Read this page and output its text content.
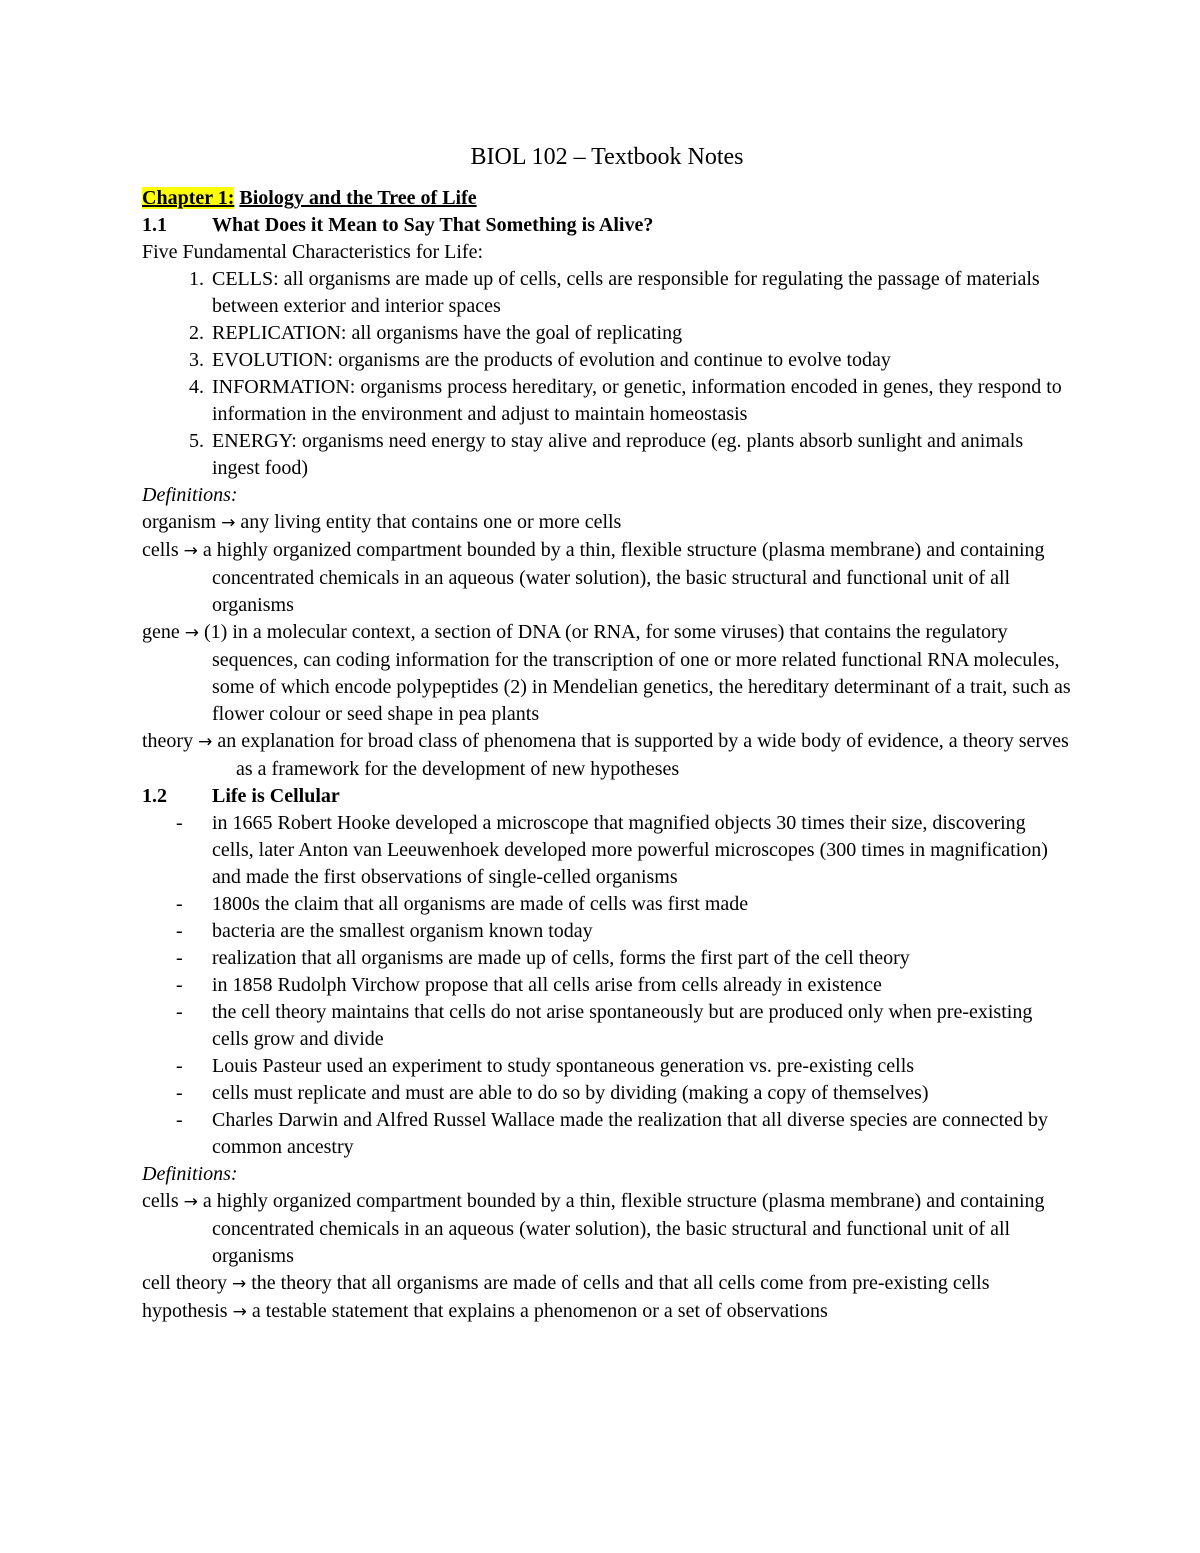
BIOL 102 – Textbook Notes
Chapter 1: Biology and the Tree of Life
1.1	What Does it Mean to Say That Something is Alive?
Five Fundamental Characteristics for Life:
1. CELLS: all organisms are made up of cells, cells are responsible for regulating the passage of materials between exterior and interior spaces
2. REPLICATION: all organisms have the goal of replicating
3. EVOLUTION: organisms are the products of evolution and continue to evolve today
4. INFORMATION: organisms process hereditary, or genetic, information encoded in genes, they respond to information in the environment and adjust to maintain homeostasis
5. ENERGY: organisms need energy to stay alive and reproduce (eg. plants absorb sunlight and animals ingest food)
Definitions:
organism → any living entity that contains one or more cells
cells → a highly organized compartment bounded by a thin, flexible structure (plasma membrane) and containing concentrated chemicals in an aqueous (water solution), the basic structural and functional unit of all organisms
gene → (1) in a molecular context, a section of DNA (or RNA, for some viruses) that contains the regulatory sequences, can coding information for the transcription of one or more related functional RNA molecules, some of which encode polypeptides (2) in Mendelian genetics, the hereditary determinant of a trait, such as flower colour or seed shape in pea plants
theory → an explanation for broad class of phenomena that is supported by a wide body of evidence, a theory serves as a framework for the development of new hypotheses
1.2	Life is Cellular
- in 1665 Robert Hooke developed a microscope that magnified objects 30 times their size, discovering cells, later Anton van Leeuwenhoek developed more powerful microscopes (300 times in magnification) and made the first observations of single-celled organisms
- 1800s the claim that all organisms are made of cells was first made
- bacteria are the smallest organism known today
- realization that all organisms are made up of cells, forms the first part of the cell theory
- in 1858 Rudolph Virchow propose that all cells arise from cells already in existence
- the cell theory maintains that cells do not arise spontaneously but are produced only when pre-existing cells grow and divide
- Louis Pasteur used an experiment to study spontaneous generation vs. pre-existing cells
- cells must replicate and must are able to do so by dividing (making a copy of themselves)
- Charles Darwin and Alfred Russel Wallace made the realization that all diverse species are connected by common ancestry
Definitions:
cells → a highly organized compartment bounded by a thin, flexible structure (plasma membrane) and containing concentrated chemicals in an aqueous (water solution), the basic structural and functional unit of all organisms
cell theory → the theory that all organisms are made of cells and that all cells come from pre-existing cells
hypothesis → a testable statement that explains a phenomenon or a set of observations
